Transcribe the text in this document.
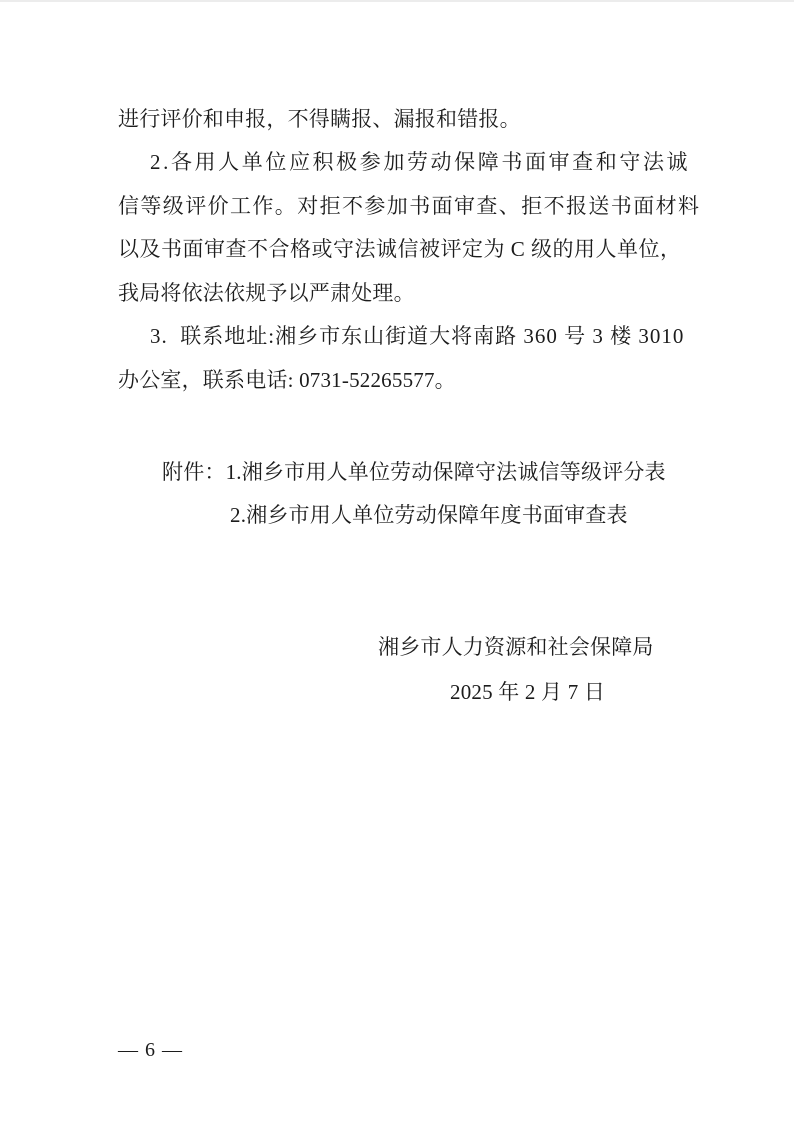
进行评价和申报，不得瞒报、漏报和错报。
2.各用人单位应积极参加劳动保障书面审查和守法诚
信等级评价工作。对拒不参加书面审查、拒不报送书面材料
以及书面审查不合格或守法诚信被评定为 C 级的用人单位，
我局将依法依规予以严肃处理。
3.  联系地址:湘乡市东山街道大将南路 360 号 3 楼 3010
办公室，联系电话: 0731-52265577。
附件：1.湘乡市用人单位劳动保障守法诚信等级评分表
2.湘乡市用人单位劳动保障年度书面审查表
湘乡市人力资源和社会保障局
2025 年 2 月 7 日
— 6 —
